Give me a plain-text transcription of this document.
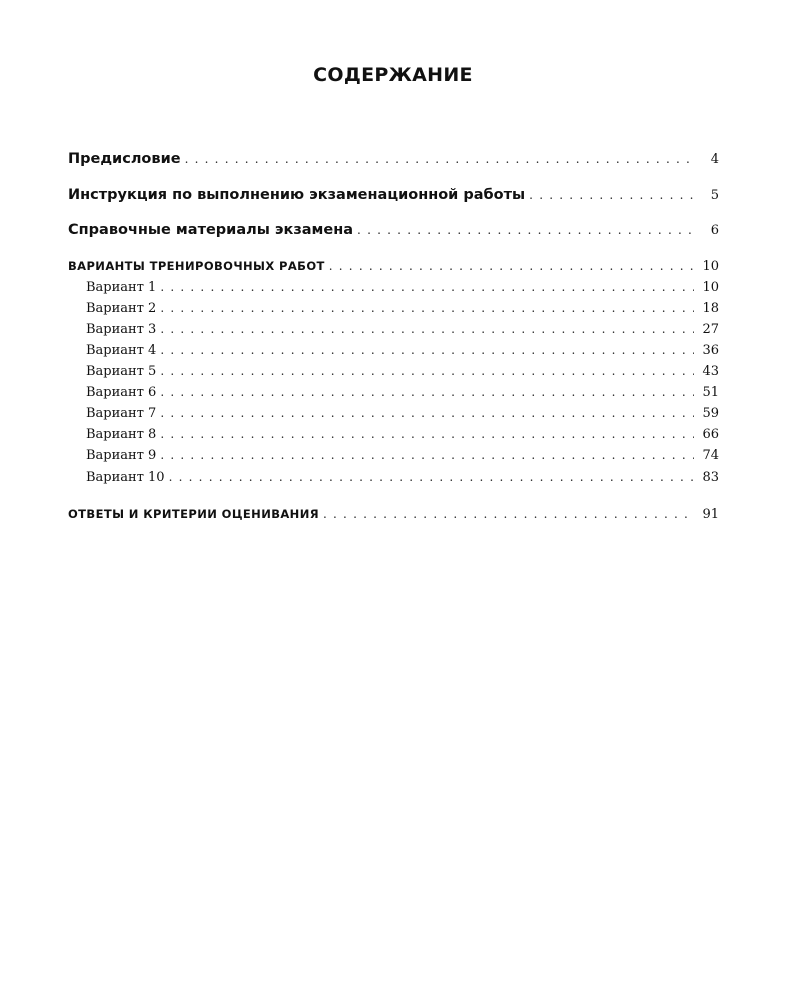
СОДЕРЖАНИЕ
Предисловие . . .	4
Инструкция по выполнению экзаменационной работы . . .	5
Справочные материалы экзамена . . .	6
ВАРИАНТЫ ТРЕНИРОВОЧНЫХ РАБОТ . . .	10
Вариант 1 . . .	10
Вариант 2 . . .	18
Вариант 3 . . .	27
Вариант 4 . . .	36
Вариант 5 . . .	43
Вариант 6 . . .	51
Вариант 7 . . .	59
Вариант 8 . . .	66
Вариант 9 . . .	74
Вариант 10 . . .	83
ОТВЕТЫ И КРИТЕРИИ ОЦЕНИВАНИЯ . . .	91
